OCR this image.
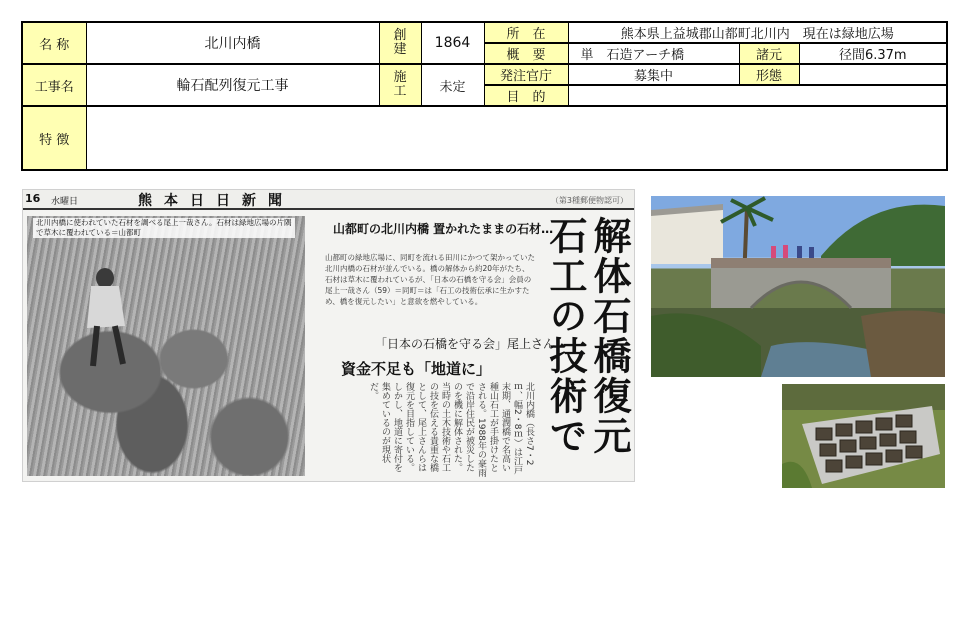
名 称	北川内橋	創建	1864	所　在	熊本県上益城郡山都町北川内　現在は緑地広場		
				概　要	単　石造アーチ橋	諸元	径間6.37m
工事名	輪石配列復元工事	施工	未定	発注官庁	募集中	形態	
				目　的			
特 徴							
16 水曜日	熊本日日新聞	（第3種郵便物認可）
北川内橋に使われていた石材を調べる尾上一哉さん。石材は緑地広場の片隅で草木に覆われている＝山都町	山都町の北川内橋 置かれたままの石材…
山都町の緑地広場に、同町を流れる田川にかつて架かっていた北川内橋の石材が並んでいる。橋の解体から約20年がたち、石材は草木に覆われているが、「日本の石橋を守る会」会員の尾上一哉さん（59）＝同町＝は「石工の技術伝承に生かすため、橋を復元したい」と意欲を燃やしている。
「日本の石橋を守る会」尾上さん
資金不足も「地道に」
北川内橋（長さ7・2ｍ、幅2・8ｍ）は江戸末期、通潤橋で名高い種山石工が手掛けたとされる。1988年の豪雨で沿岸住民が被災したのを機に解体された。当時の土木技術や石工の技を伝える貴重な橋として、尾上さんらは復元を目指している。しかし、地道に寄付を集めているのが現状だ。	解体石橋復元 石工の技術で
